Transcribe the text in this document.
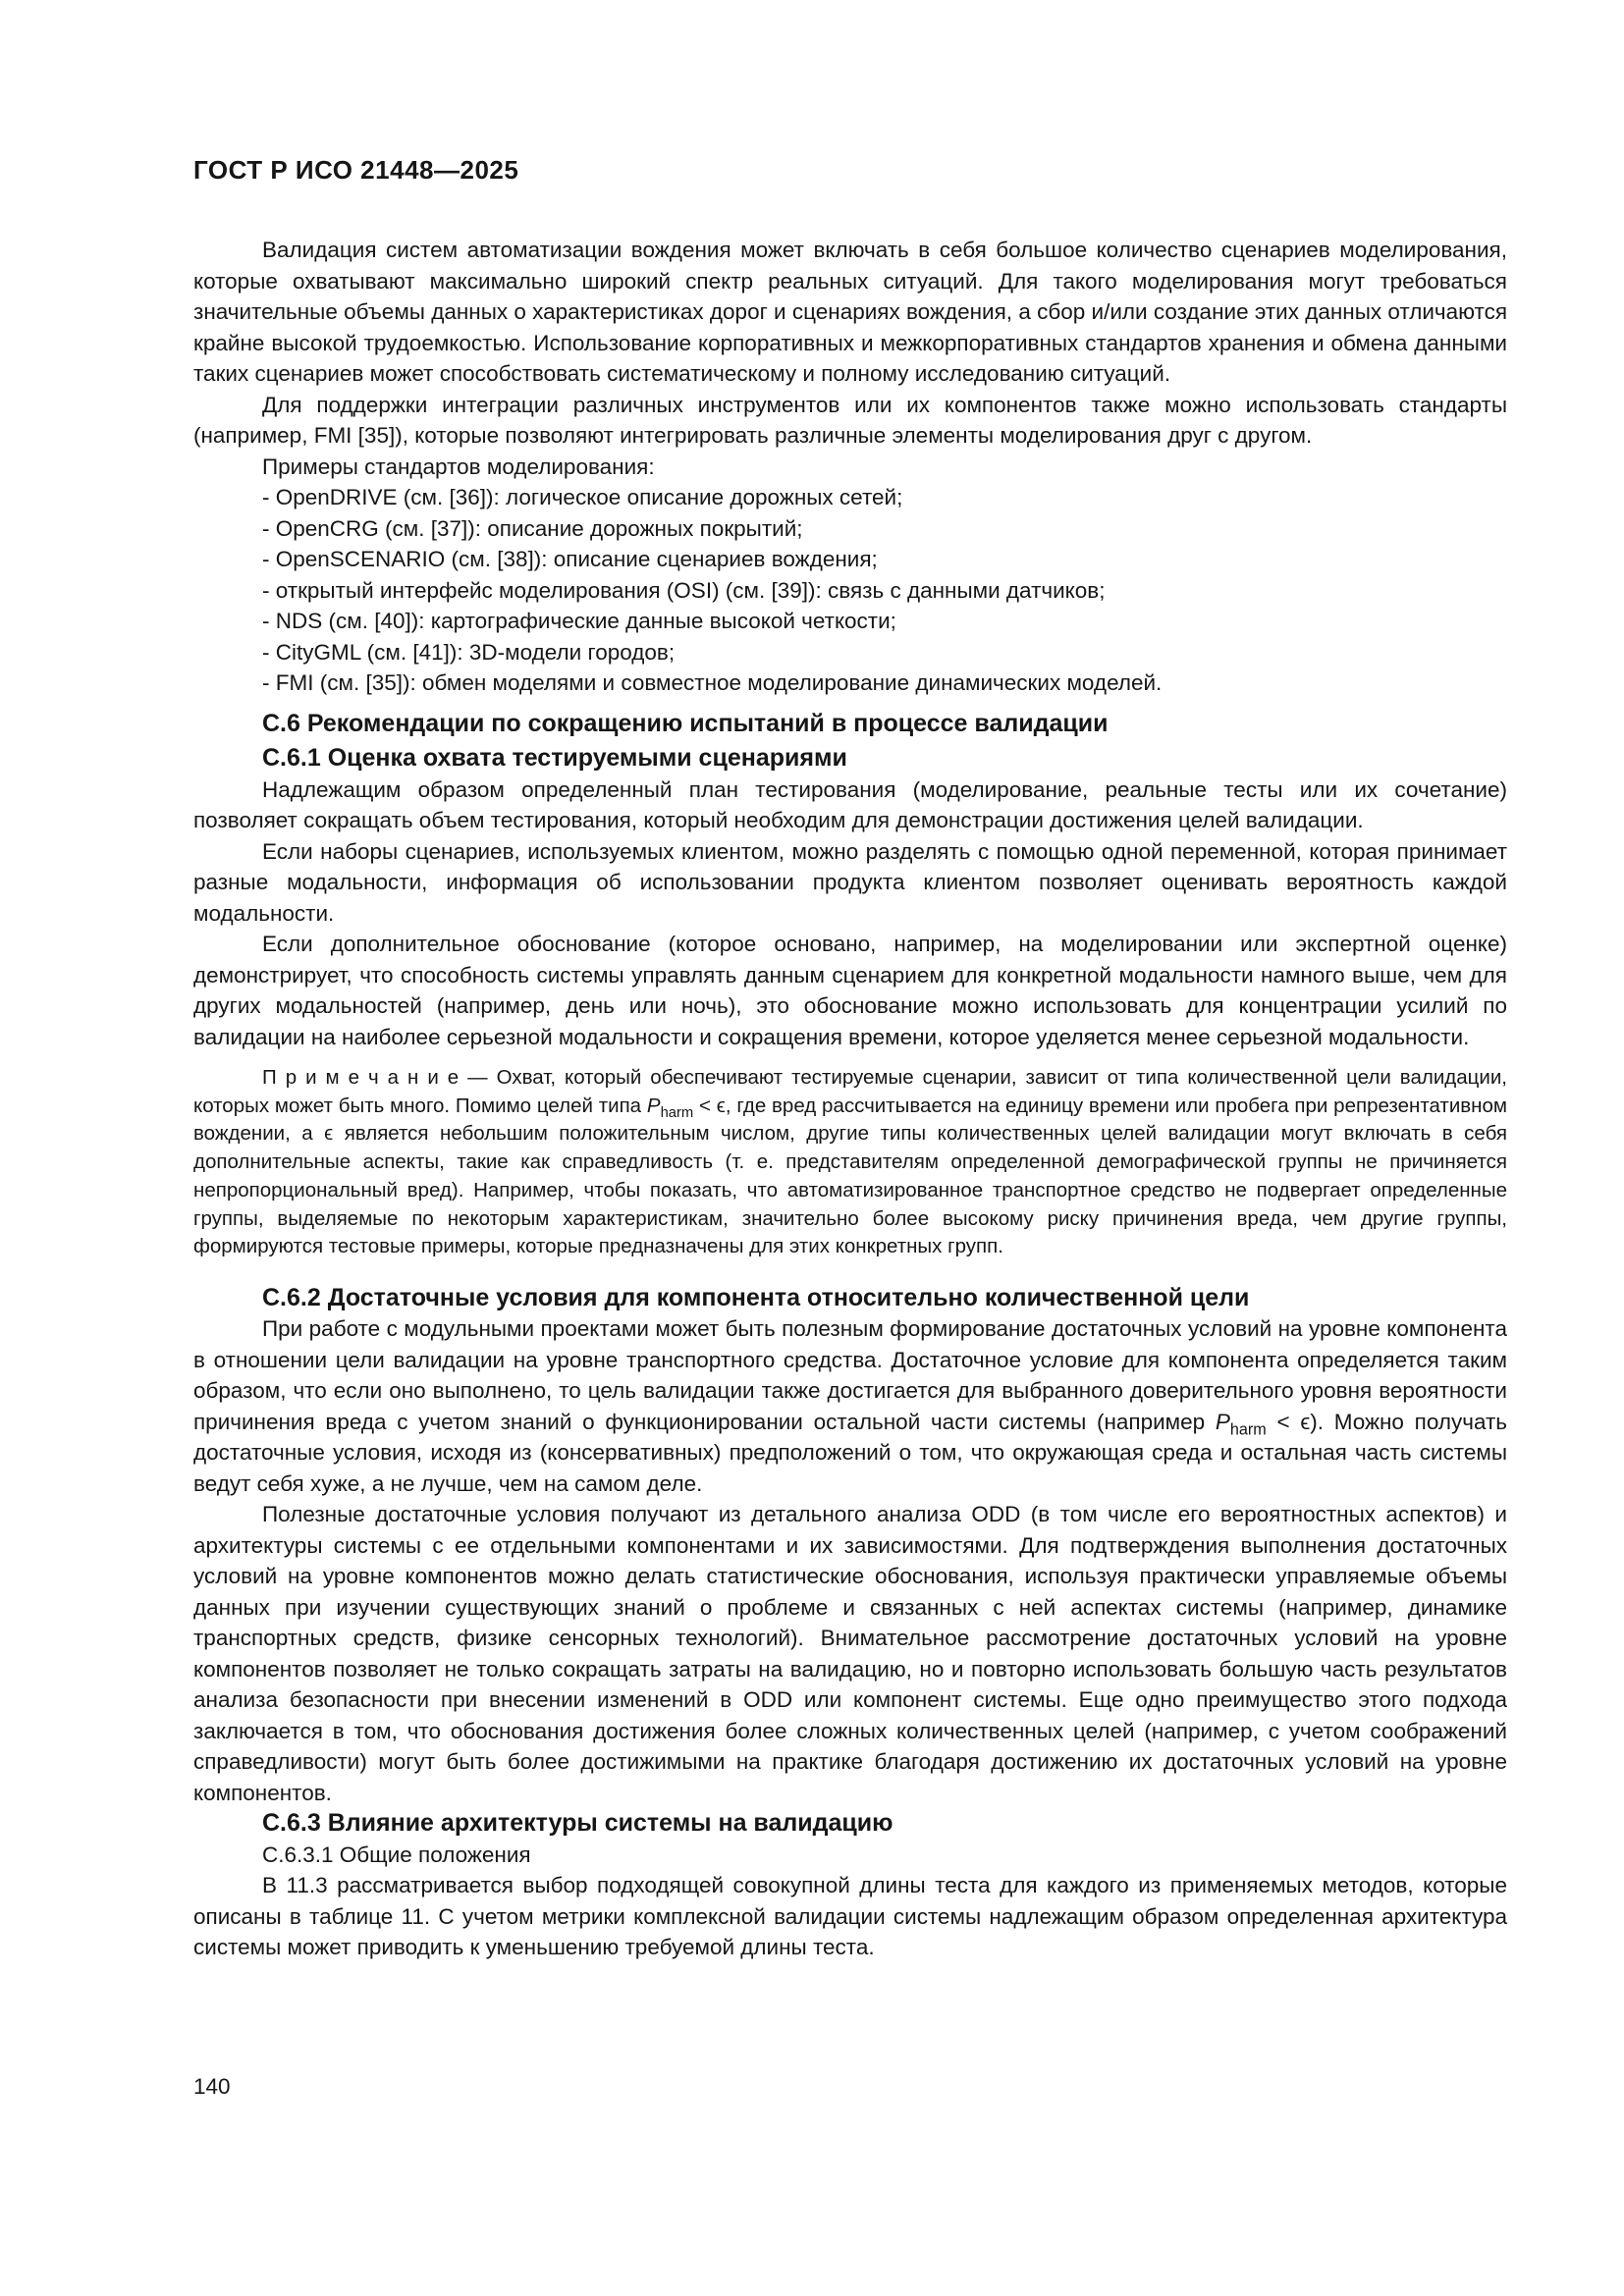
ГОСТ Р ИСО 21448—2025

Валидация систем автоматизации вождения может включать в себя большое количество сценариев моделирования, которые охватывают максимально широкий спектр реальных ситуаций. Для такого моделирования могут требоваться значительные объемы данных о характеристиках дорог и сценариях вождения, а сбор и/или создание этих данных отличаются крайне высокой трудоемкостью. Использование корпоративных и межкорпоративных стандартов хранения и обмена данными таких сценариев может способствовать систематическому и полному исследованию ситуаций.

Для поддержки интеграции различных инструментов или их компонентов также можно использовать стандарты (например, FMI [35]), которые позволяют интегрировать различные элементы моделирования друг с другом.

Примеры стандартов моделирования:

- OpenDRIVE (см. [36]): логическое описание дорожных сетей;

- OpenCRG (см. [37]): описание дорожных покрытий;

- OpenSCENARIO (см. [38]): описание сценариев вождения;

- открытый интерфейс моделирования (OSI) (см. [39]): связь с данными датчиков;

- NDS (см. [40]): картографические данные высокой четкости;

- CityGML (см. [41]): 3D-модели городов;

- FMI (см. [35]): обмен моделями и совместное моделирование динамических моделей.

С.6 Рекомендации по сокращению испытаний в процессе валидации
С.6.1 Оценка охвата тестируемыми сценариями

Надлежащим образом определенный план тестирования (моделирование, реальные тесты или их сочетание) позволяет сокращать объем тестирования, который необходим для демонстрации достижения целей валидации.

Если наборы сценариев, используемых клиентом, можно разделять с помощью одной переменной, которая принимает разные модальности, информация об использовании продукта клиентом позволяет оценивать вероятность каждой модальности.

Если дополнительное обоснование (которое основано, например, на моделировании или экспертной оценке) демонстрирует, что способность системы управлять данным сценарием для конкретной модальности намного выше, чем для других модальностей (например, день или ночь), это обоснование можно использовать для концентрации усилий по валидации на наиболее серьезной модальности и сокращения времени, которое уделяется менее серьезной модальности.

П р и м е ч а н и е — Охват, который обеспечивают тестируемые сценарии, зависит от типа количественной цели валидации, которых может быть много. Помимо целей типа $P_{harm} < \epsilon$, где вред рассчитывается на единицу времени или пробега при репрезентативном вождении, а ϵ является небольшим положительным числом, другие типы количественных целей валидации могут включать в себя дополнительные аспекты, такие как справедливость (т. е. представителям определенной демографической группы не причиняется непропорциональный вред). Например, чтобы показать, что автоматизированное транспортное средство не подвергает определенные группы, выделяемые по некоторым характеристикам, значительно более высокому риску причинения вреда, чем другие группы, формируются тестовые примеры, которые предназначены для этих конкретных групп.

С.6.2 Достаточные условия для компонента относительно количественной цели

При работе с модульными проектами может быть полезным формирование достаточных условий на уровне компонента в отношении цели валидации на уровне транспортного средства. Достаточное условие для компонента определяется таким образом, что если оно выполнено, то цель валидации также достигается для выбранного доверительного уровня вероятности причинения вреда с учетом знаний о функционировании остальной части системы (например $P_{harm} < \epsilon$). Можно получать достаточные условия, исходя из (консервативных) предположений о том, что окружающая среда и остальная часть системы ведут себя хуже, а не лучше, чем на самом деле.

Полезные достаточные условия получают из детального анализа ODD (в том числе его вероятностных аспектов) и архитектуры системы с ее отдельными компонентами и их зависимостями. Для подтверждения выполнения достаточных условий на уровне компонентов можно делать статистические обоснования, используя практически управляемые объемы данных при изучении существующих знаний о проблеме и связанных с ней аспектах системы (например, динамике транспортных средств, физике сенсорных технологий). Внимательное рассмотрение достаточных условий на уровне компонентов позволяет не только сокращать затраты на валидацию, но и повторно использовать большую часть результатов анализа безопасности при внесении изменений в ODD или компонент системы. Еще одно преимущество этого подхода заключается в том, что обоснования достижения более сложных количественных целей (например, с учетом соображений справедливости) могут быть более достижимыми на практике благодаря достижению их достаточных условий на уровне компонентов.

С.6.3 Влияние архитектуры системы на валидацию

С.6.3.1 Общие положения

В 11.3 рассматривается выбор подходящей совокупной длины теста для каждого из применяемых методов, которые описаны в таблице 11. С учетом метрики комплексной валидации системы надлежащим образом определенная архитектура системы может приводить к уменьшению требуемой длины теста.

140
